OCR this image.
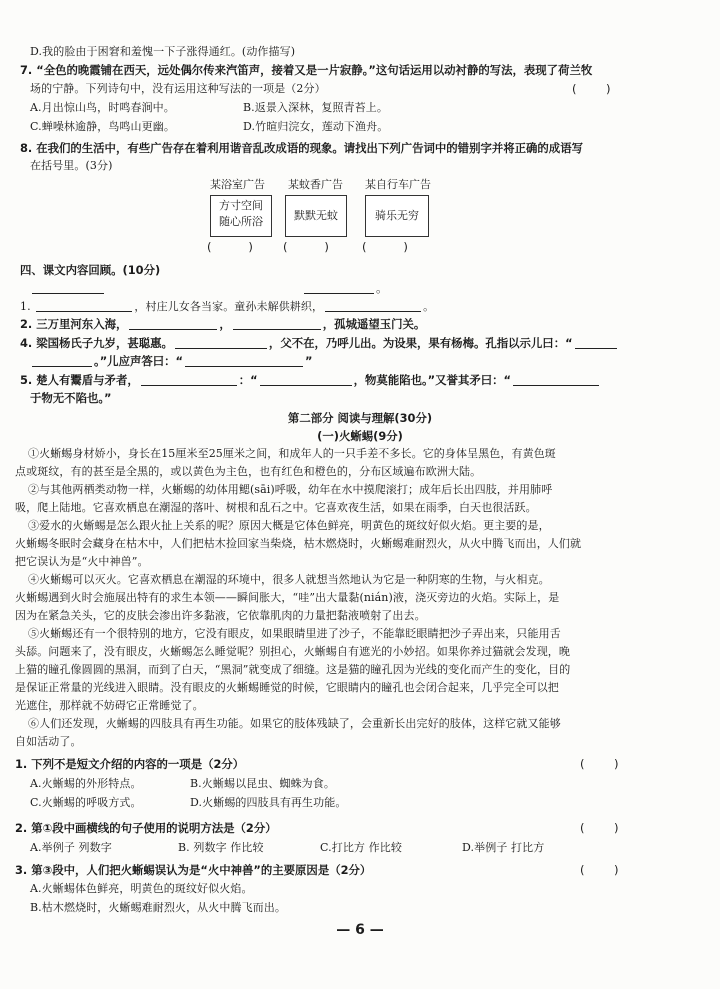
D.我的脸由于困窘和羞愧一下子涨得通红。(动作描写)
7. “全色的晚霞铺在西天，远处偶尔传来汽笛声，接着又是一片寂静。”这句话运用以动衬静的写法，表现了荷兰牧
场的宁静。下列诗句中，没有运用这种写法的一项是（2分）	(        )
A.月出惊山鸟，时鸣春涧中。	B.返景入深林，复照青苔上。
C.蝉噪林逾静，鸟鸣山更幽。	D.竹暄归浣女，莲动下渔舟。
8. 在我们的生活中，有些广告存在着利用谐音乱改成语的现象。请找出下列广告词中的错别字并将正确的成语写
在括号里。(3分)
某浴室广告 某蚊香广告 某自行车广告
方寸空间
随心所浴	默默无蚊	骑乐无穷
(          )	(          )	(          )
四、课文内容回顾。(10分)
。
1.	，村庄儿女各当家。童孙未解供耕织，	。
2. 三万里河东入海，	，	，孤城遥望玉门关。
4. 梁国杨氏子九岁，甚聪惠。	，父不在，乃呼儿出。为设果，果有杨梅。孔指以示儿曰：“
。”儿应声答曰：“	”
5. 楚人有鬻盾与矛者，	：“	，物莫能陷也。”又誉其矛曰：“
于物无不陷也。”
第二部分 阅读与理解(30分)
(一)火蜥蜴(9分)
①火蜥蜴身材娇小，身长在15厘米至25厘米之间，和成年人的一只手差不多长。它的身体呈黑色，有黄色斑
点或斑纹，有的甚至是全黑的，或以黄色为主色，也有红色和橙色的，分布区域遍布欧洲大陆。
②与其他两栖类动物一样，火蜥蜴的幼体用鳃(sāi)呼吸，幼年在水中摸爬滚打；成年后长出四肢，并用肺呼
吸，爬上陆地。它喜欢栖息在潮湿的落叶、树根和乱石之中。它喜欢夜生活，如果在雨季，白天也很活跃。
③爱水的火蜥蜴是怎么跟火扯上关系的呢？原因大概是它体色鲜亮，明黄色的斑纹好似火焰。更主要的是，
火蜥蜴冬眠时会藏身在枯木中，人们把枯木捡回家当柴烧，枯木燃烧时，火蜥蜴难耐烈火，从火中腾飞而出，人们就
把它误认为是“火中神兽”。
④火蜥蜴可以灭火。它喜欢栖息在潮湿的环境中，很多人就想当然地认为它是一种阴寒的生物，与火相克。
火蜥蜴遇到火时会施展出特有的求生本领——瞬间胀大，“哇”出大量黏(nián)液，浇灭旁边的火焰。实际上，是
因为在紧急关头，它的皮肤会渗出许多黏液，它依靠肌肉的力量把黏液喷射了出去。
⑤火蜥蜴还有一个很特别的地方，它没有眼皮，如果眼睛里进了沙子，不能靠眨眼睛把沙子弄出来，只能用舌
头舔。问题来了，没有眼皮，火蜥蜴怎么睡觉呢？别担心，火蜥蜴自有遮光的小妙招。如果你养过猫就会发现，晚
上猫的瞳孔像圆圆的黑洞，而到了白天，“黑洞”就变成了细缝。这是猫的瞳孔因为光线的变化而产生的变化，目的
是保证正常量的光线进入眼睛。没有眼皮的火蜥蜴睡觉的时候，它眼睛内的瞳孔也会闭合起来，几乎完全可以把
光遮住，那样就不妨碍它正常睡觉了。
⑥人们还发现，火蜥蜴的四肢具有再生功能。如果它的肢体残缺了，会重新长出完好的肢体，这样它就又能够
自如活动了。
1. 下列不是短文介绍的内容的一项是（2分）	(        )
A.火蜥蜴的外形特点。	B.火蜥蜴以昆虫、蜘蛛为食。
C.火蜥蜴的呼吸方式。	D.火蜥蜴的四肢具有再生功能。
2. 第①段中画横线的句子使用的说明方法是（2分）	(        )
A.举例子 列数字	B. 列数字 作比较	C.打比方 作比较	D.举例子 打比方
3. 第③段中，人们把火蜥蜴误认为是“火中神兽”的主要原因是（2分）	(        )
A.火蜥蜴体色鲜亮，明黄色的斑纹好似火焰。
B.枯木燃烧时，火蜥蜴难耐烈火，从火中腾飞而出。
— 6 —
